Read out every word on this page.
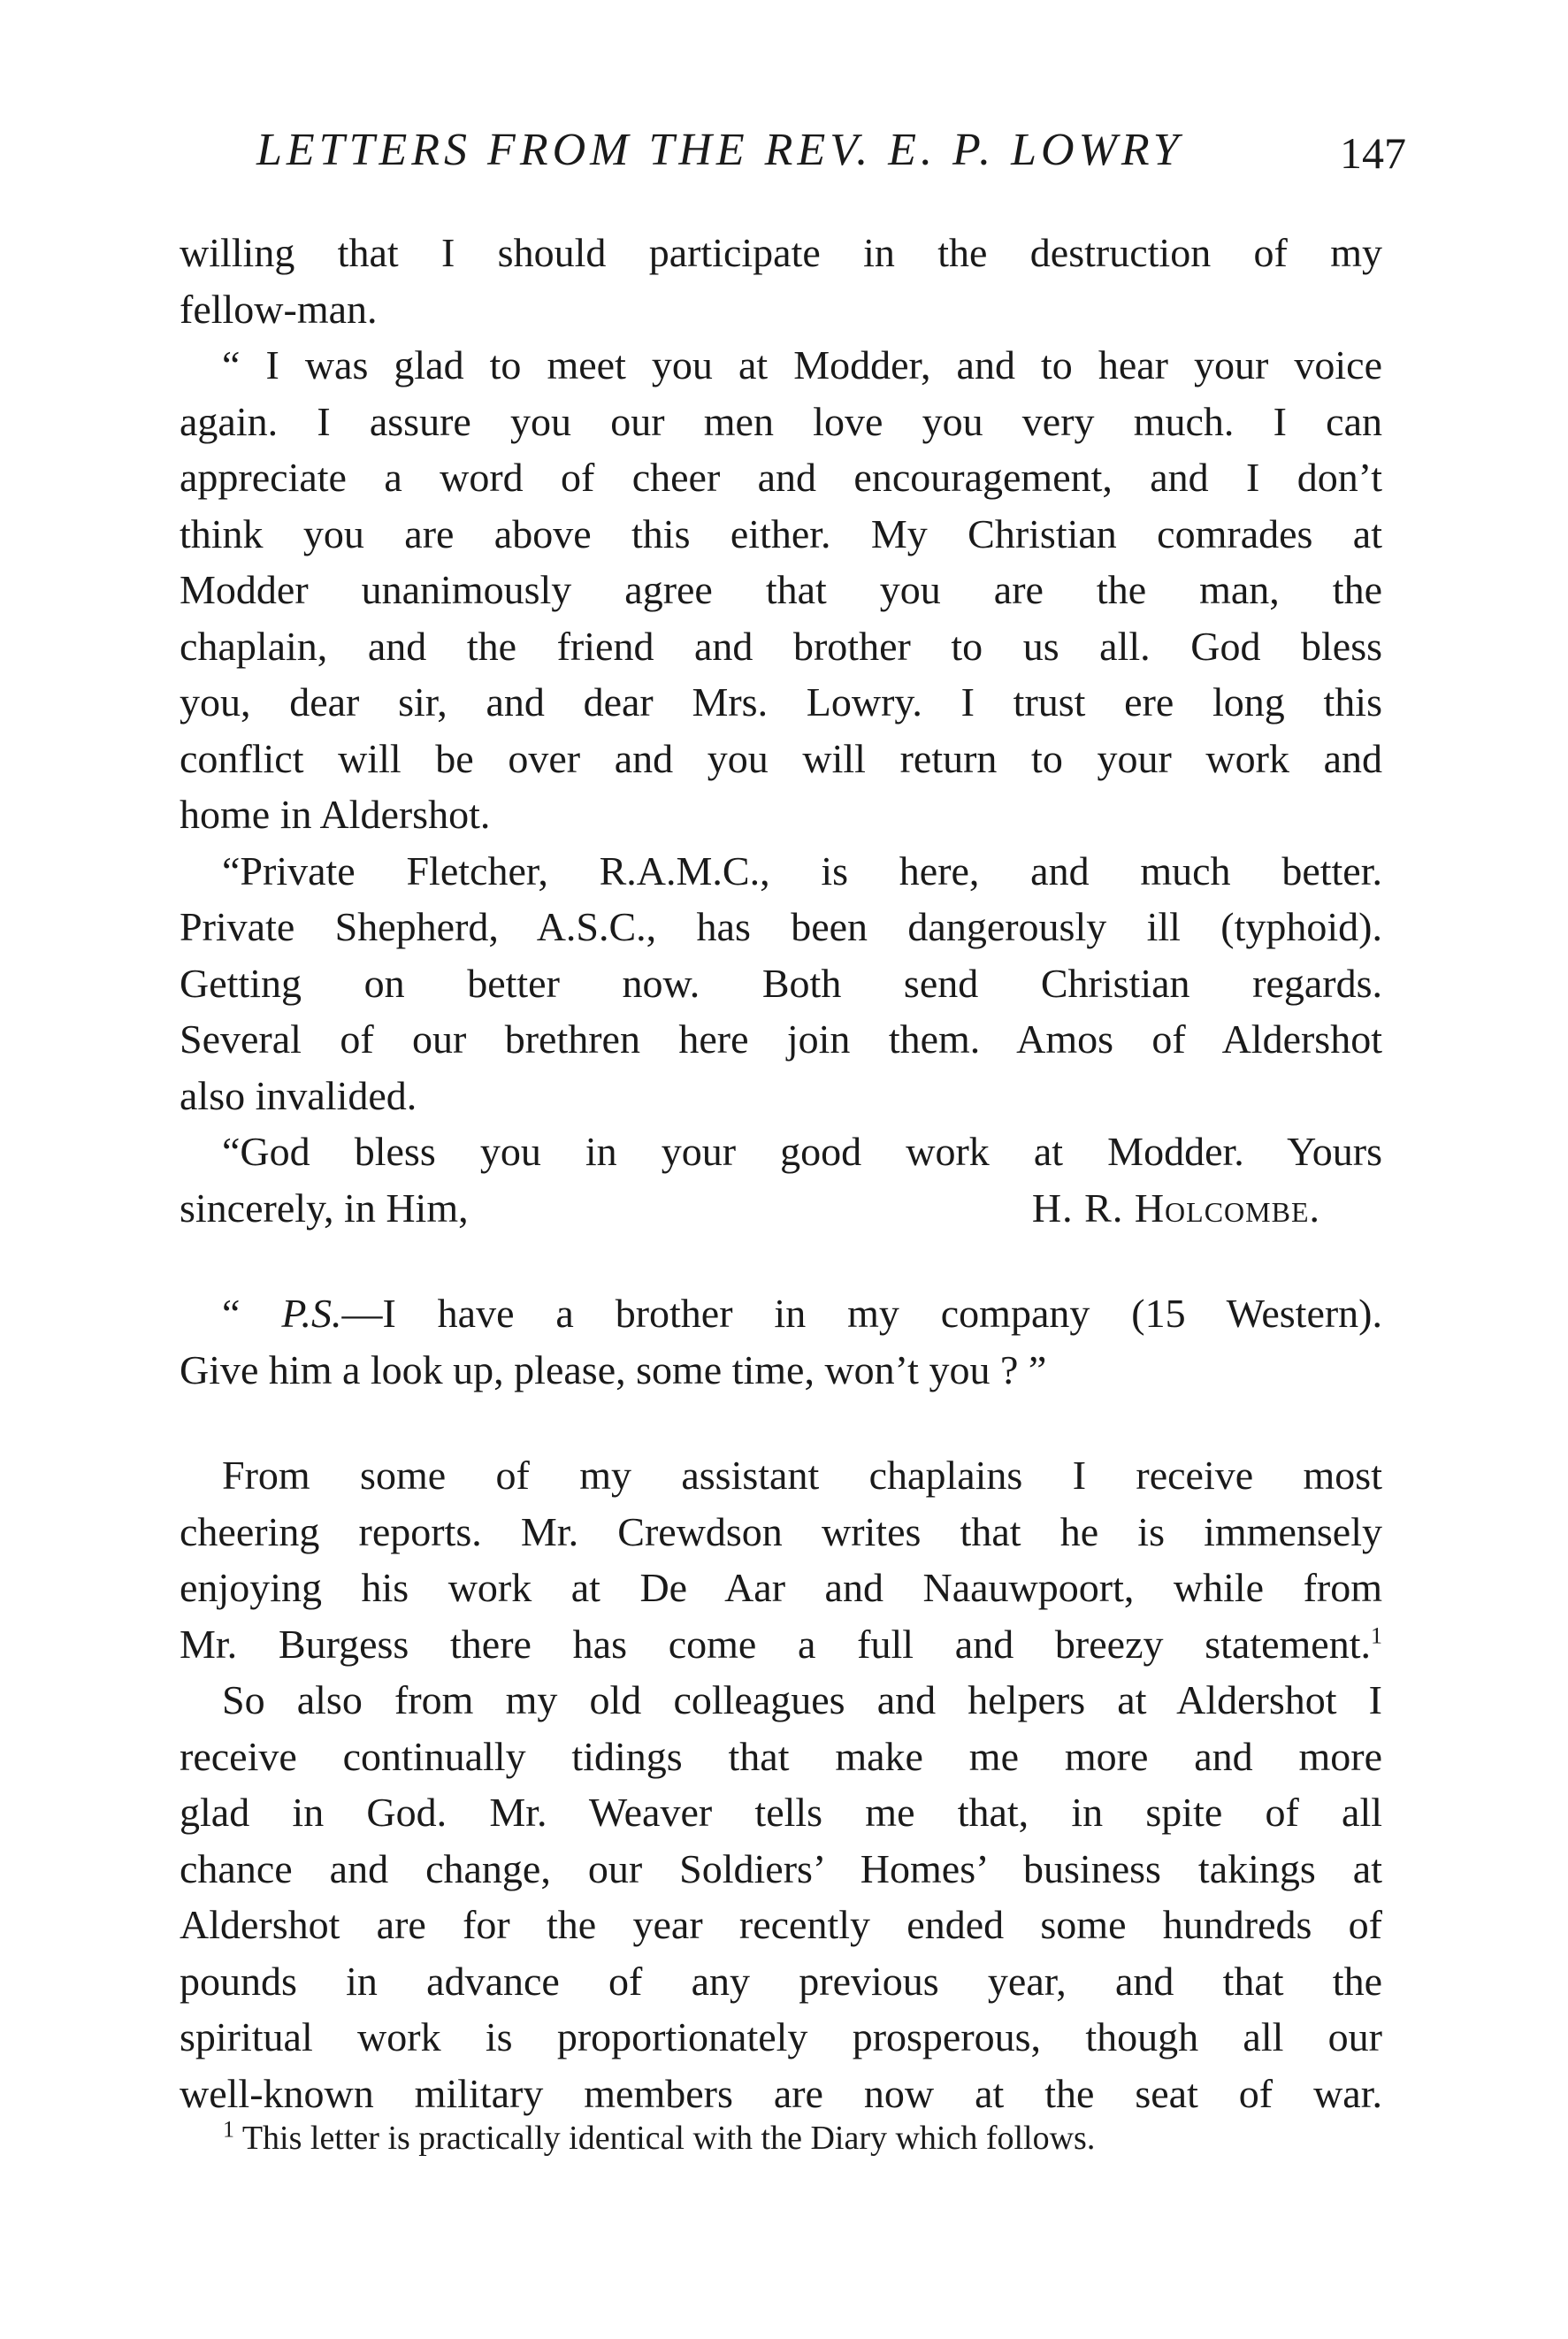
LETTERS FROM THE REV. E. P. LOWRY	147
willing that I should participate in the destruction of my
fellow-man.
“ I was glad to meet you at Modder, and to hear your voice
again. I assure you our men love you very much. I can
appreciate a word of cheer and encouragement, and I don’t
think you are above this either. My Christian comrades at
Modder unanimously agree that you are the man, the
chaplain, and the friend and brother to us all. God bless
you, dear sir, and dear Mrs. Lowry. I trust ere long this
conflict will be over and you will return to your work and
home in Aldershot.
“Private Fletcher, R.A.M.C., is here, and much better.
Private Shepherd, A.S.C., has been dangerously ill (typhoid).
Getting on better now. Both send Christian regards.
Several of our brethren here join them. Amos of Aldershot
also invalided.
“God bless you in your good work at Modder. Yours
sincerely, in Him,	H. R. Holcombe.
“ P.S.—I have a brother in my company (15 Western).
Give him a look up, please, some time, won’t you ? ”
From some of my assistant chaplains I receive most
cheering reports. Mr. Crewdson writes that he is immensely
enjoying his work at De Aar and Naauwpoort, while from
Mr. Burgess there has come a full and breezy statement.$^1$
So also from my old colleagues and helpers at Aldershot I
receive continually tidings that make me more and more
glad in God. Mr. Weaver tells me that, in spite of all
chance and change, our Soldiers’ Homes’ business takings at
Aldershot are for the year recently ended some hundreds of
pounds in advance of any previous year, and that the
spiritual work is proportionately prosperous, though all our
well-known military members are now at the seat of war.
$^1$ This letter is practically identical with the Diary which follows.
